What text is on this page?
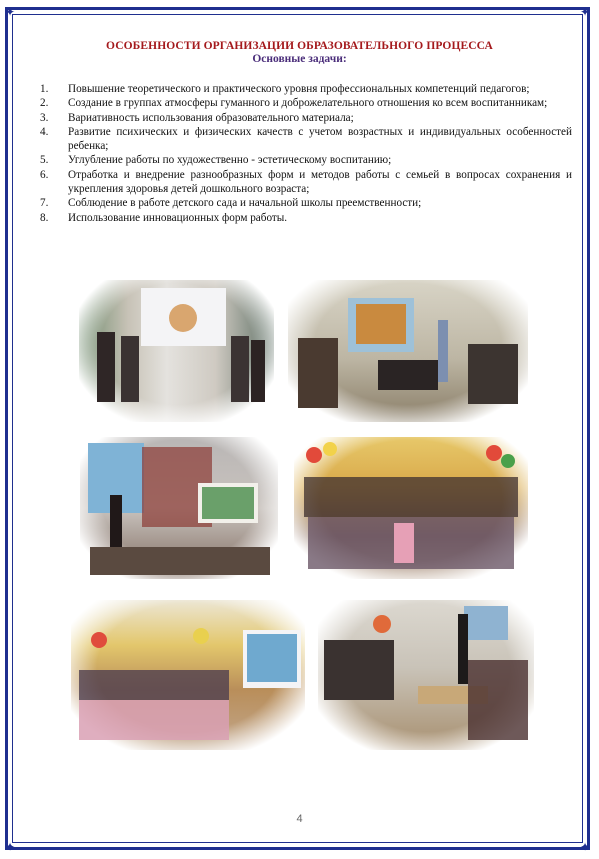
✦	✦
✦	✦
ОСОБЕННОСТИ ОРГАНИЗАЦИИ ОБРАЗОВАТЕЛЬНОГО ПРОЦЕССА
Основные задачи:
1. Повышение теоретического и практического уровня профессиональных компетенций педагогов;
2. Создание в группах атмосферы гуманного и доброжелательного отношения ко всем воспитанникам;
3. Вариативность использования образовательного материала;
4. Развитие психических и физических качеств с учетом возрастных и индивидуальных особенностей ребенка;
5. Углубление работы по художественно - эстетическому воспитанию;
6. Отработка и внедрение разнообразных форм и методов работы с семьей в вопросах сохранения и укрепления здоровья детей дошкольного возраста;
7. Соблюдение в работе детского сада и начальной школы преемственности;
8. Использование инновационных форм работы.
4
